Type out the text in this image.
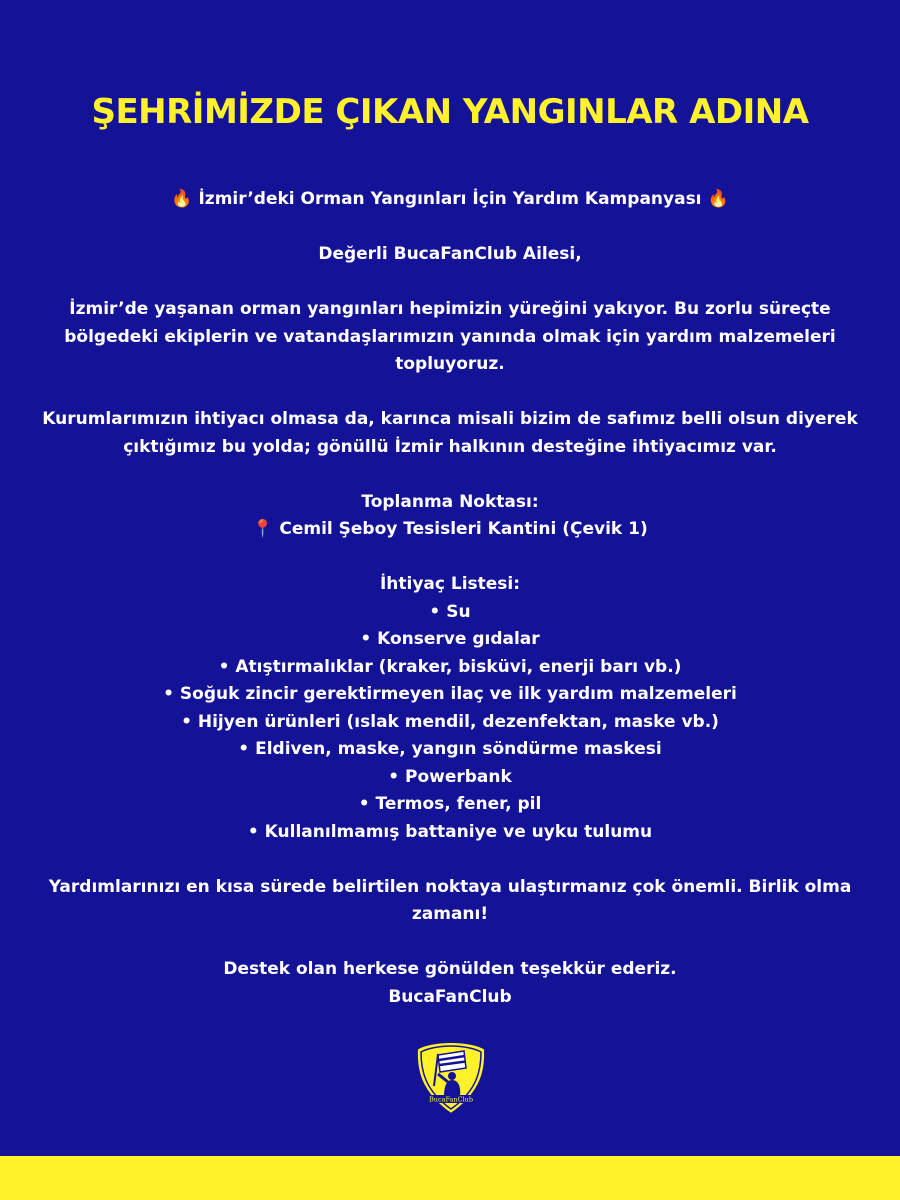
ŞEHRİMİZDE ÇIKAN YANGINLAR ADINA

🔥 İzmir’deki Orman Yangınları İçin Yardım Kampanyası 🔥

Değerli BucaFanClub Ailesi,

İzmir’de yaşanan orman yangınları hepimizin yüreğini yakıyor. Bu zorlu süreçte

bölgedeki ekiplerin ve vatandaşlarımızın yanında olmak için yardım malzemeleri

topluyoruz.

Kurumlarımızın ihtiyacı olmasa da, karınca misali bizim de safımız belli olsun diyerek

çıktığımız bu yolda; gönüllü İzmir halkının desteğine ihtiyacımız var.

Toplanma Noktası:

📍 Cemil Şeboy Tesisleri Kantini (Çevik 1)

İhtiyaç Listesi:

• Su

• Konserve gıdalar

• Atıştırmalıklar (kraker, bisküvi, enerji barı vb.)

• Soğuk zincir gerektirmeyen ilaç ve ilk yardım malzemeleri

• Hijyen ürünleri (ıslak mendil, dezenfektan, maske vb.)

• Eldiven, maske, yangın söndürme maskesi

• Powerbank

• Termos, fener, pil

• Kullanılmamış battaniye ve uyku tulumu

Yardımlarınızı en kısa sürede belirtilen noktaya ulaştırmanız çok önemli. Birlik olma

zamanı!

Destek olan herkese gönülden teşekkür ederiz.

BucaFanClub

BucaFanClub
